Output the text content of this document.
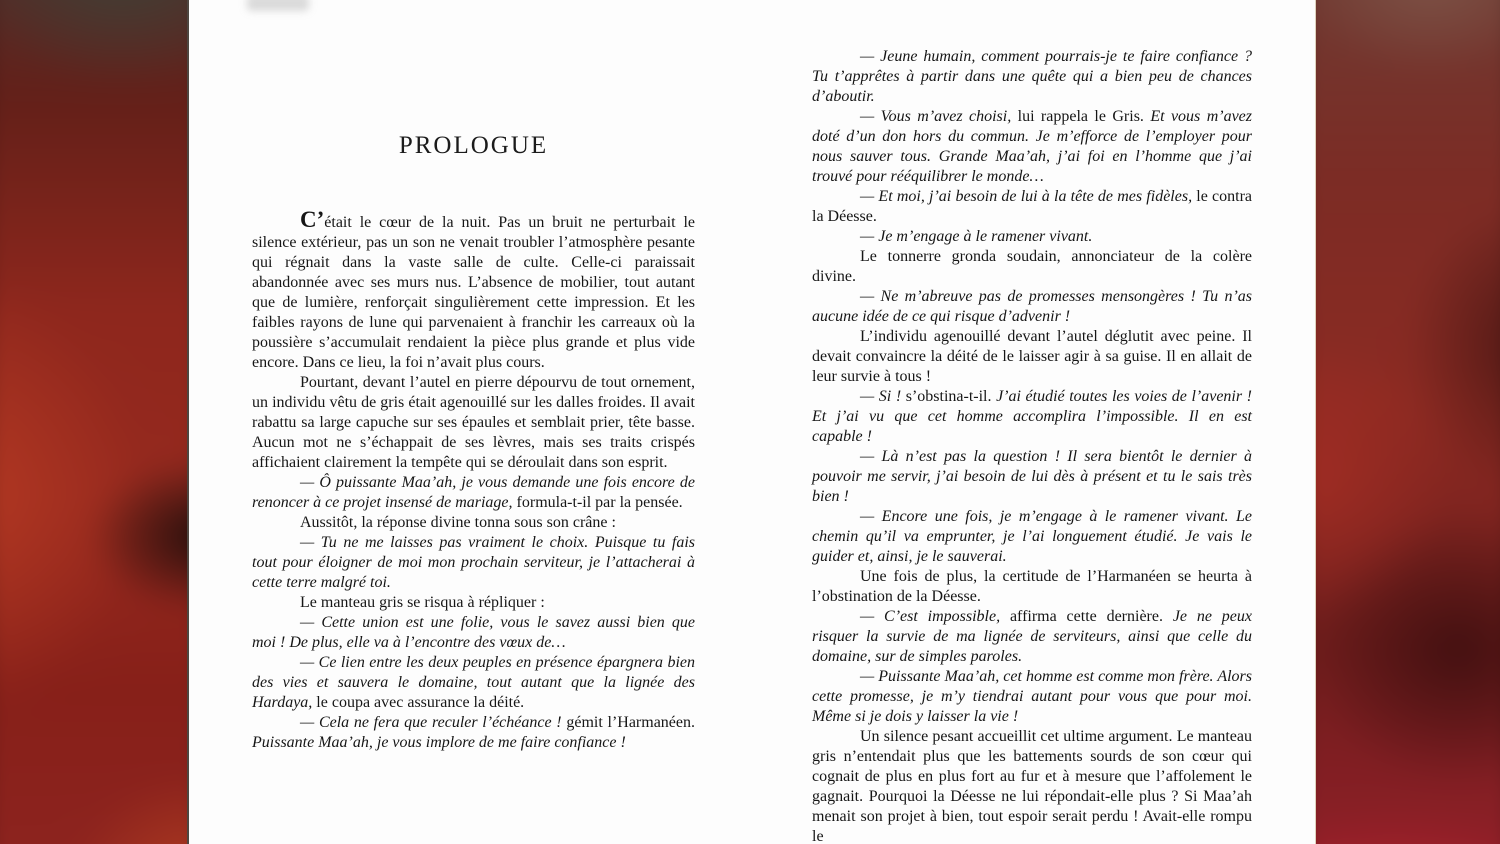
PROLOGUE

C’était le cœur de la nuit. Pas un bruit ne perturbait le silence extérieur, pas un son ne venait troubler l’atmosphère pesante qui régnait dans la vaste salle de culte. Celle-ci paraissait abandonnée avec ses murs nus. L’absence de mobilier, tout autant que de lumière, renforçait singulièrement cette impression. Et les faibles rayons de lune qui parvenaient à franchir les carreaux où la poussière s’accumulait rendaient la pièce plus grande et plus vide encore. Dans ce lieu, la foi n’avait plus cours.

Pourtant, devant l’autel en pierre dépourvu de tout ornement, un individu vêtu de gris était agenouillé sur les dalles froides. Il avait rabattu sa large capuche sur ses épaules et semblait prier, tête basse. Aucun mot ne s’échappait de ses lèvres, mais ses traits crispés affichaient clairement la tempête qui se déroulait dans son esprit.

— Ô puissante Maa’ah, je vous demande une fois encore de renoncer à ce projet insensé de mariage, formula-t-il par la pensée.

Aussitôt, la réponse divine tonna sous son crâne :

— Tu ne me laisses pas vraiment le choix. Puisque tu fais tout pour éloigner de moi mon prochain serviteur, je l’attacherai à cette terre malgré toi.

Le manteau gris se risqua à répliquer :

— Cette union est une folie, vous le savez aussi bien que moi ! De plus, elle va à l’encontre des vœux de…

— Ce lien entre les deux peuples en présence épargnera bien des vies et sauvera le domaine, tout autant que la lignée des Hardaya, le coupa avec assurance la déité.

— Cela ne fera que reculer l’échéance ! gémit l’Harmanéen. Puissante Maa’ah, je vous implore de me faire confiance !

— Jeune humain, comment pourrais-je te faire confiance ? Tu t’apprêtes à partir dans une quête qui a bien peu de chances d’aboutir.

— Vous m’avez choisi, lui rappela le Gris. Et vous m’avez doté d’un don hors du commun. Je m’efforce de l’employer pour nous sauver tous. Grande Maa’ah, j’ai foi en l’homme que j’ai trouvé pour rééquilibrer le monde…

— Et moi, j’ai besoin de lui à la tête de mes fidèles, le contra la Déesse.

— Je m’engage à le ramener vivant.

Le tonnerre gronda soudain, annonciateur de la colère divine.

— Ne m’abreuve pas de promesses mensongères ! Tu n’as aucune idée de ce qui risque d’advenir !

L’individu agenouillé devant l’autel déglutit avec peine. Il devait convaincre la déité de le laisser agir à sa guise. Il en allait de leur survie à tous !

— Si ! s’obstina-t-il. J’ai étudié toutes les voies de l’avenir ! Et j’ai vu que cet homme accomplira l’impossible. Il en est capable !

— Là n’est pas la question ! Il sera bientôt le dernier à pouvoir me servir, j’ai besoin de lui dès à présent et tu le sais très bien !

— Encore une fois, je m’engage à le ramener vivant. Le chemin qu’il va emprunter, je l’ai longuement étudié. Je vais le guider et, ainsi, je le sauverai.

Une fois de plus, la certitude de l’Harmanéen se heurta à l’obstination de la Déesse.

— C’est impossible, affirma cette dernière. Je ne peux risquer la survie de ma lignée de serviteurs, ainsi que celle du domaine, sur de simples paroles.

— Puissante Maa’ah, cet homme est comme mon frère. Alors cette promesse, je m’y tiendrai autant pour vous que pour moi. Même si je dois y laisser la vie !

Un silence pesant accueillit cet ultime argument. Le manteau gris n’entendait plus que les battements sourds de son cœur qui cognait de plus en plus fort au fur et à mesure que l’affolement le gagnait. Pourquoi la Déesse ne lui répondait-elle plus ? Si Maa’ah menait son projet à bien, tout espoir serait perdu ! Avait-elle rompu le
